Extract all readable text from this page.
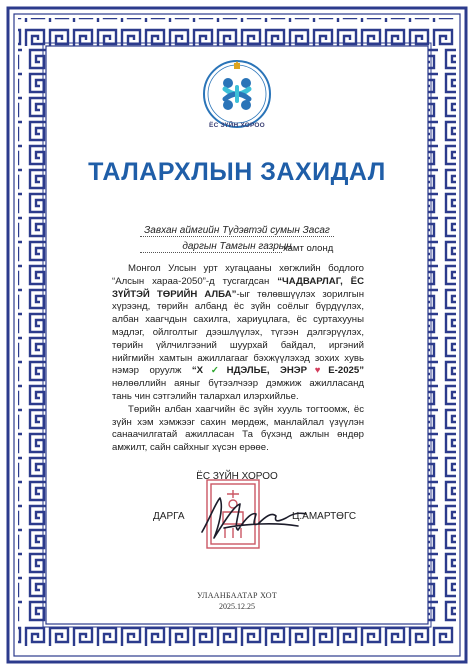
ЁС ЗҮЙН ХОРОО
ТАЛАРХЛЫН ЗАХИДАЛ
Завхан аймгийн Түдэвтэй сумын Засаг
даргын Тамгын газрын
хамт олонд

Монгол Улсын урт хугацааны хөгжлийн бодлого “Алсын хараа-2050”-д тусгагдсан “ЧАДВАРЛАГ, ЁС ЗҮЙТЭЙ ТӨРИЙН АЛБА”-ыг төлөвшүүлэх зорилгын хүрээнд, төрийн албанд ёс зүйн соёлыг бүрдүүлэх, албан хаагчдын сахилга, хариуцлага, ёс суртахууны мэдлэг, ойлголтыг дээшлүүлэх, түгээн дэлгэрүүлэх, төрийн үйлчилгээний шуурхай байдал, иргэний нийгмийн хамтын ажиллагааг бэхжүүлэхэд зохих хувь нэмэр оруулж “Х✓НДЭЛЬЕ, ЭНЭР♥Е-2025” нөлөөллийн аяныг бүтээлчээр дэмжиж ажилласанд тань чин сэтгэлийн талархал илэрхийлье.

Төрийн албан хаагчийн ёс зүйн хууль тогтоомж, ёс зүйн хэм хэмжээг сахин мөрдөж, манлайлал үзүүлэн санаачилгатай ажилласан Та бүхэнд ажлын өндөр амжилт, сайн сайхныг хүсэн ерөөе.

ЁС ЗҮЙН ХОРОО
ДАРГА	Ц.АМАРТӨГС
УЛААНБААТАР ХОТ
2025.12.25
